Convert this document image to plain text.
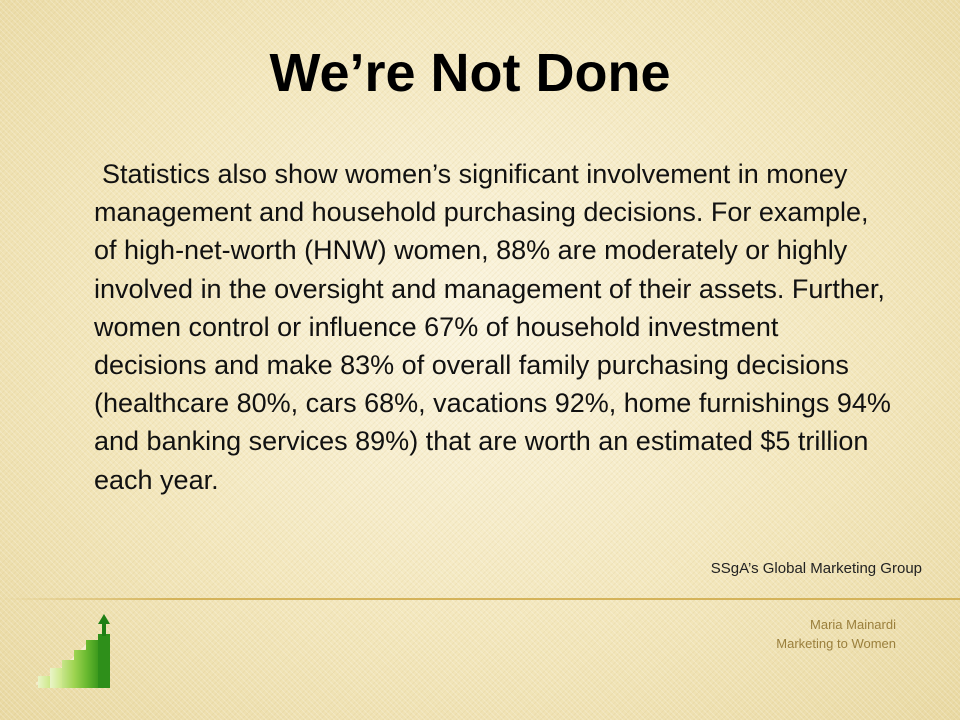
We’re Not Done
Statistics also show women’s significant involvement in money management and household purchasing decisions. For example, of high-net-worth (HNW) women, 88% are moderately or highly involved in the oversight and management of their assets. Further, women control or influence 67% of household investment decisions and make 83% of overall family purchasing decisions (healthcare 80%, cars 68%, vacations 92%, home furnishings 94% and banking services 89%) that are worth an estimated $5 trillion each year.
SSgA’s Global Marketing Group
Maria Mainardi
Marketing to Women
